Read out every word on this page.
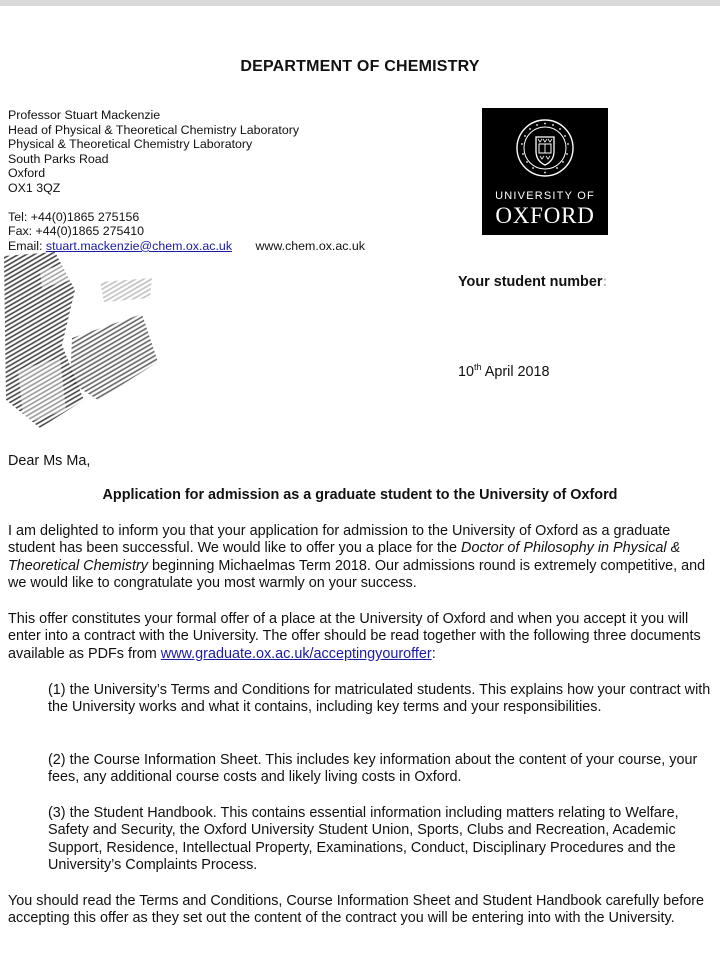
DEPARTMENT OF CHEMISTRY
Professor Stuart Mackenzie
Head of Physical & Theoretical Chemistry Laboratory
Physical & Theoretical Chemistry Laboratory
South Parks Road
Oxford
OX1 3QZ
Tel: +44(0)1865 275156
Fax: +44(0)1865 275410
Email: stuart.mackenzie@chem.ox.ac.uk www.chem.ox.ac.uk
UNIVERSITY OF
OXFORD
Your student number:
10th April 2018
Dear Ms Ma,
Application for admission as a graduate student to the University of Oxford
I am delighted to inform you that your application for admission to the University of Oxford as a graduate student has been successful. We would like to offer you a place for the Doctor of Philosophy in Physical & Theoretical Chemistry beginning Michaelmas Term 2018. Our admissions round is extremely competitive, and we would like to congratulate you most warmly on your success.
This offer constitutes your formal offer of a place at the University of Oxford and when you accept it you will enter into a contract with the University. The offer should be read together with the following three documents available as PDFs from www.graduate.ox.ac.uk/acceptingyouroffer:
(1) the University’s Terms and Conditions for matriculated students. This explains how your contract with the University works and what it contains, including key terms and your responsibilities.
(2) the Course Information Sheet. This includes key information about the content of your course, your fees, any additional course costs and likely living costs in Oxford.
(3) the Student Handbook. This contains essential information including matters relating to Welfare, Safety and Security, the Oxford University Student Union, Sports, Clubs and Recreation, Academic Support, Residence, Intellectual Property, Examinations, Conduct, Disciplinary Procedures and the University’s Complaints Process.
You should read the Terms and Conditions, Course Information Sheet and Student Handbook carefully before accepting this offer as they set out the content of the contract you will be entering into with the University.
